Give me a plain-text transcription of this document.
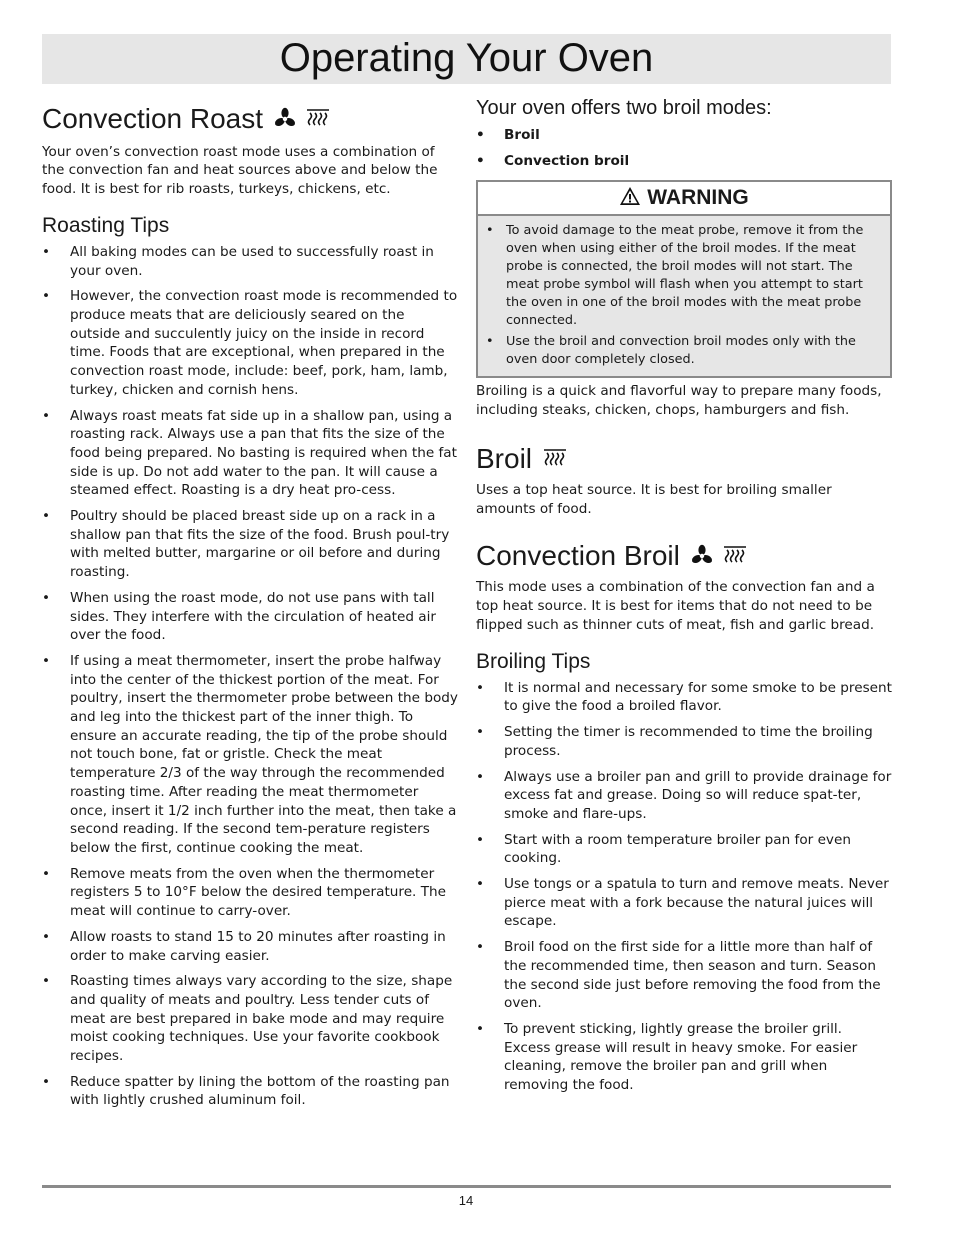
Operating Your Oven
Convection Roast

Your oven’s convection roast mode uses a combination of the convection fan and heat sources above and below the food. It is best for rib roasts, turkeys, chickens, etc.

Roasting Tips
• All baking modes can be used to successfully roast in your oven.
• However, the convection roast mode is recommended to produce meats that are deliciously seared on the outside and succulently juicy on the inside in record time. Foods that are exceptional, when prepared in the convection roast mode, include: beef, pork, ham, lamb, turkey, chicken and cornish hens.
• Always roast meats fat side up in a shallow pan, using a roasting rack. Always use a pan that fits the size of the food being prepared. No basting is required when the fat side is up. Do not add water to the pan. It will cause a steamed effect. Roasting is a dry heat pro-cess.
• Poultry should be placed breast side up on a rack in a shallow pan that fits the size of the food. Brush poul-try with melted butter, margarine or oil before and during roasting.
• When using the roast mode, do not use pans with tall sides. They interfere with the circulation of heated air over the food.
• If using a meat thermometer, insert the probe halfway into the center of the thickest portion of the meat. For poultry, insert the thermometer probe between the body and leg into the thickest part of the inner thigh. To ensure an accurate reading, the tip of the probe should not touch bone, fat or gristle. Check the meat temperature 2/3 of the way through the recommended roasting time. After reading the meat thermometer once, insert it 1/2 inch further into the meat, then take a second reading. If the second tem-perature registers below the first, continue cooking the meat.
• Remove meats from the oven when the thermometer registers 5 to 10°F below the desired temperature. The meat will continue to carry-over.
• Allow roasts to stand 15 to 20 minutes after roasting in order to make carving easier.
• Roasting times always vary according to the size, shape and quality of meats and poultry. Less tender cuts of meat are best prepared in bake mode and may require moist cooking techniques. Use your favorite cookbook recipes.
• Reduce spatter by lining the bottom of the roasting pan with lightly crushed aluminum foil.
Your oven offers two broil modes:
• Broil
• Convection broil
WARNING
• To avoid damage to the meat probe, remove it from the oven when using either of the broil modes. If the meat probe is connected, the broil modes will not start. The meat probe symbol will flash when you attempt to start the oven in one of the broil modes with the meat probe connected.
• Use the broil and convection broil modes only with the oven door completely closed.

Broiling is a quick and flavorful way to prepare many foods, including steaks, chicken, chops, hamburgers and fish.

Broil

Uses a top heat source. It is best for broiling smaller amounts of food.

Convection Broil

This mode uses a combination of the convection fan and a top heat source. It is best for items that do not need to be flipped such as thinner cuts of meat, fish and garlic bread.

Broiling Tips
• It is normal and necessary for some smoke to be present to give the food a broiled flavor.
• Setting the timer is recommended to time the broiling process.
• Always use a broiler pan and grill to provide drainage for excess fat and grease. Doing so will reduce spat-ter, smoke and flare-ups.
• Start with a room temperature broiler pan for even cooking.
• Use tongs or a spatula to turn and remove meats. Never pierce meat with a fork because the natural juices will escape.
• Broil food on the first side for a little more than half of the recommended time, then season and turn. Season the second side just before removing the food from the oven.
• To prevent sticking, lightly grease the broiler grill. Excess grease will result in heavy smoke. For easier cleaning, remove the broiler pan and grill when removing the food.
14
